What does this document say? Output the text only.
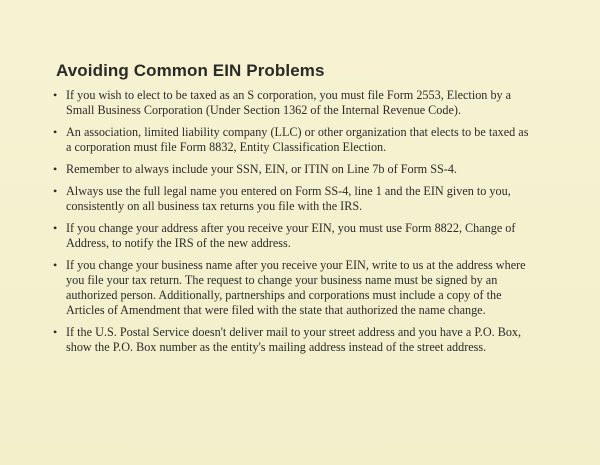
Avoiding Common EIN Problems
• If you wish to elect to be taxed as an S corporation, you must file Form 2553, Election by a Small Business Corporation (Under Section 1362 of the Internal Revenue Code).
• An association, limited liability company (LLC) or other organization that elects to be taxed as a corporation must file Form 8832, Entity Classification Election.
• Remember to always include your SSN, EIN, or ITIN on Line 7b of Form SS-4.
• Always use the full legal name you entered on Form SS-4, line 1 and the EIN given to you, consistently on all business tax returns you file with the IRS.
• If you change your address after you receive your EIN, you must use Form 8822, Change of Address, to notify the IRS of the new address.
• If you change your business name after you receive your EIN, write to us at the address where you file your tax return. The request to change your business name must be signed by an authorized person. Additionally, partnerships and corporations must include a copy of the Articles of Amendment that were filed with the state that authorized the name change.
• If the U.S. Postal Service doesn't deliver mail to your street address and you have a P.O. Box, show the P.O. Box number as the entity's mailing address instead of the street address.
